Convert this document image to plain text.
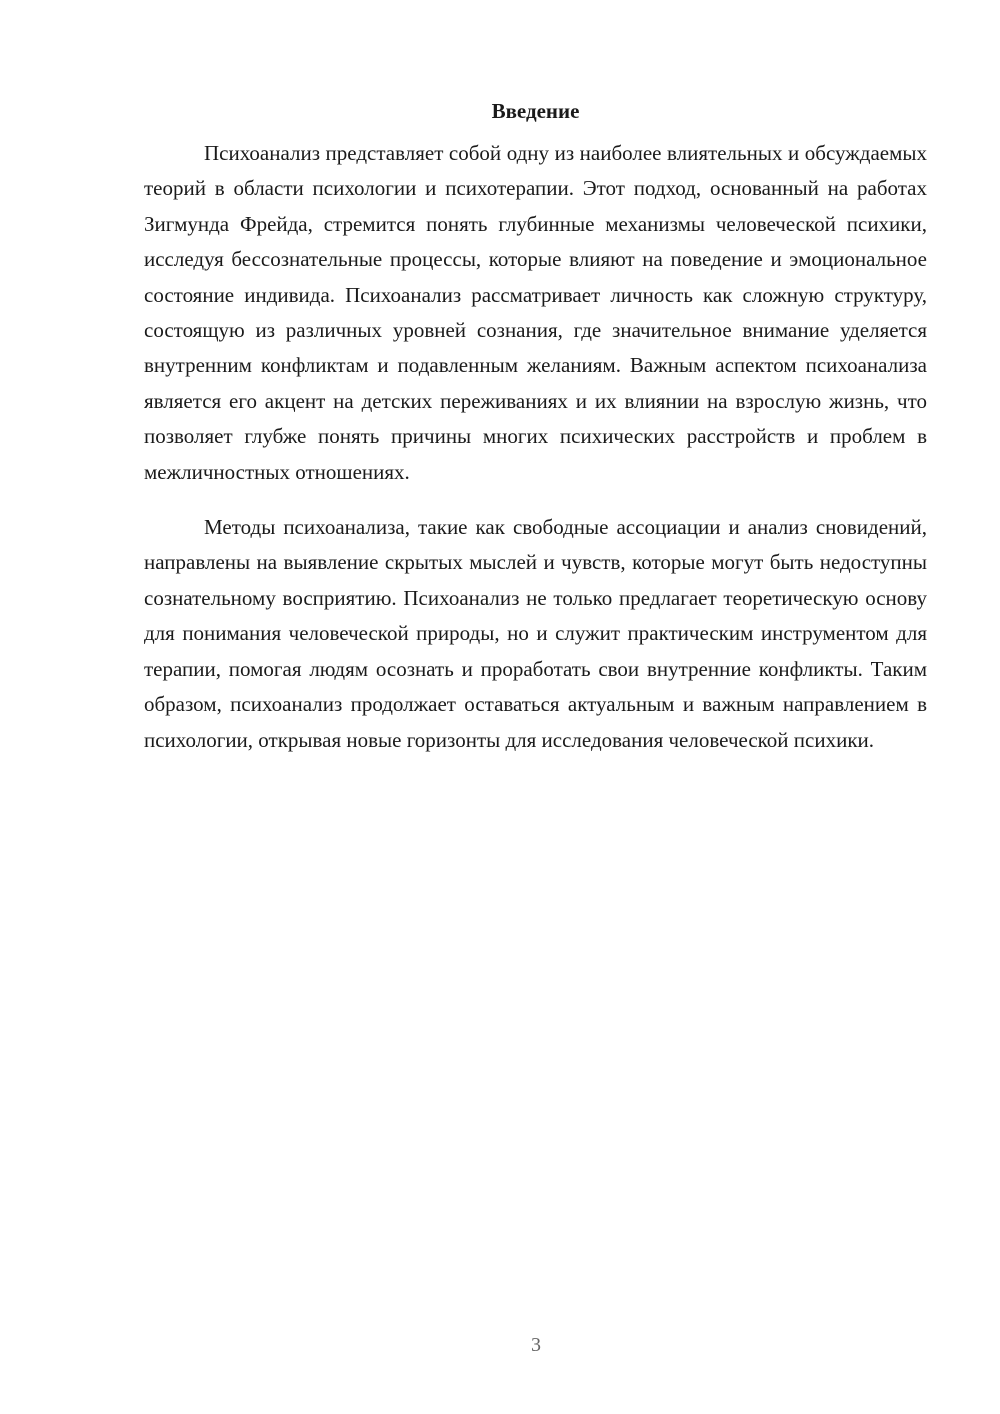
Введение

Психоанализ представляет собой одну из наиболее влиятельных и обсуждаемых теорий в области психологии и психотерапии. Этот подход, основанный на работах Зигмунда Фрейда, стремится понять глубинные механизмы человеческой психики, исследуя бессознательные процессы, которые влияют на поведение и эмоциональное состояние индивида. Психоанализ рассматривает личность как сложную структуру, состоящую из различных уровней сознания, где значительное внимание уделяется внутренним конфликтам и подавленным желаниям. Важным аспектом психоанализа является его акцент на детских переживаниях и их влиянии на взрослую жизнь, что позволяет глубже понять причины многих психических расстройств и проблем в межличностных отношениях.

Методы психоанализа, такие как свободные ассоциации и анализ сновидений, направлены на выявление скрытых мыслей и чувств, которые могут быть недоступны сознательному восприятию. Психоанализ не только предлагает теоретическую основу для понимания человеческой природы, но и служит практическим инструментом для терапии, помогая людям осознать и проработать свои внутренние конфликты. Таким образом, психоанализ продолжает оставаться актуальным и важным направлением в психологии, открывая новые горизонты для исследования человеческой психики.

3
